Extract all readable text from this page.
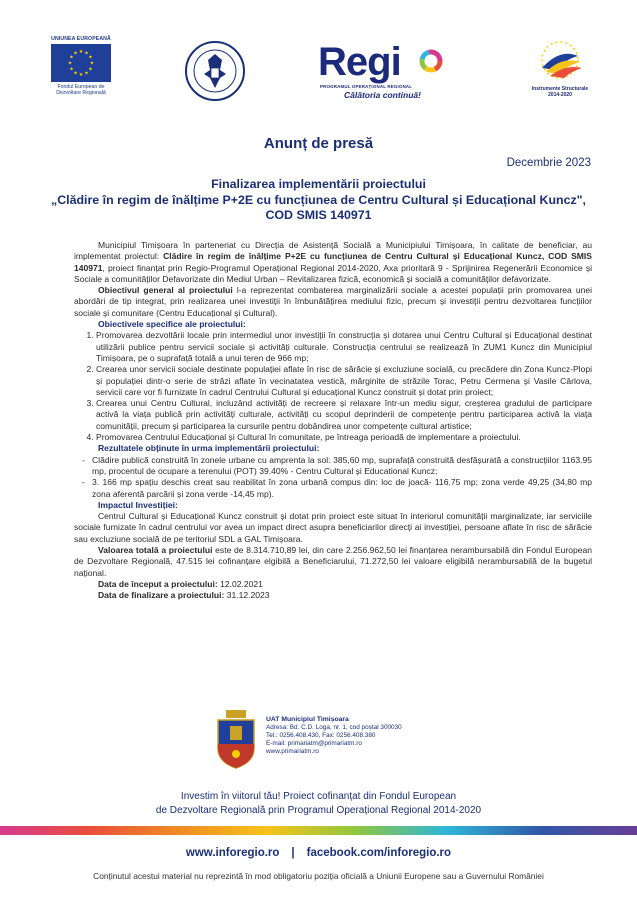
UNIUNEA EUROPEANĂ
★ ★
★
★
★
★
★
★
★
★
★
★
Fondul European de
Dezvoltare Regională
Regi
PROGRAMUL OPERAȚIONAL REGIONAL
Călătoria continuă!
Instrumente Structurale
2014-2020
Anunț de presă
Decembrie 2023
Finalizarea implementării proiectului
„Clădire în regim de înălțime P+2E cu funcțiunea de Centru Cultural și Educațional Kuncz",
COD SMIS 140971

Municipiul Timișoara în parteneriat cu Direcția de Asistență Socială a Municipiului Timișoara, în calitate de beneficiar, au implementat proiectul: Clădire în regim de înălțime P+2E cu funcțiunea de Centru Cultural și Educațional Kuncz, COD SMIS 140971, proiect finanțat prin Regio-Programul Operațional Regional 2014-2020, Axa prioritară 9 - Sprijinirea Regenerării Economice și Sociale a comunităților Defavorizate din Mediul Urban – Revitalizarea fizică, economică și socială a comunităților defavorizate.

Obiectivul general al proiectului l-a reprezentat combaterea marginalizării sociale a acestei populații prin promovarea unei abordări de tip integrat, prin realizarea unei investiții în îmbunătățirea mediului fizic, precum și investiții pentru dezvoltarea funcțiilor sociale și comunitare (Centru Educațional și Cultural).

Obiectivele specifice ale proiectului:

1. Promovarea dezvoltării locale prin intermediul unor investiții în construcția și dotarea unui Centru Cultural și Educațional destinat utilizării publice pentru servicii sociale și activități culturale. Construcția centrului se realizează în ZUM1 Kuncz din Municipiul Timișoara, pe o suprafață totală a unui teren de 966 mp;
2. Crearea unor servicii sociale destinate populației aflate în risc de sărăcie și excluziune socială, cu precădere din Zona Kuncz-Plopi și populației dintr-o serie de străzi aflate în vecinatatea vestică, mărginite de străzile Torac, Petru Cermena și Vasile Cârlova, servicii care vor fi furnizate în cadrul Centrului Cultural și educațional Kuncz construit și dotat prin proiect;
3. Crearea unui Centru Cultural, incluzând activități de recreere și relaxare într-un mediu sigur, creșterea gradului de participare activă la viața publică prin activități culturale, activități cu scopul deprinderii de competențe pentru participarea activă la viața comunității, precum și participarea la cursurile pentru dobândirea unor competențe cultural artistice;
4. Promovarea Centrului Educațional și Cultural în comunitate, pe întreaga perioadă de implementare a proiectului.

Rezultatele obținute în urma implementării proiectului:

- Clădire publică construită în zonele urbane cu amprenta la sol: 385,60 mp, suprafață construită desfășurată a construcțiilor 1163.95 mp, procentul de ocupare a terenului (POT) 39.40% - Centru Cultural și Educational Kuncz;
- 3. 166 mp spațiu deschis creat sau reabilitat în zona urbană compus din: loc de joacă- 116,75 mp; zona verde 49,25 (34,80 mp zona aferentă parcării și zona verde -14,45 mp).

Impactul Investiției:

Centrul Cultural și Educațional Kuncz construit și dotat prin proiect este situat în interiorul comunității marginalizate, iar serviciile sociale furnizate în cadrul centrului vor avea un impact direct asupra beneficiarilor direcți ai investiției, persoane aflate în risc de sărăcie sau excluziune socială de pe teritoriul SDL a GAL Timișoara.

Valoarea totală a proiectului este de 8.314.710,89 lei, din care 2.256.962,50 lei finanțarea nerambursabilă din Fondul European de Dezvoltare Regională, 47.515 lei cofinanțare elgibilă a Beneficiarului, 71.272,50 lei valoare eligibilă nerambursabilă de la bugetul național.

Data de început a proiectului: 12.02.2021

Data de finalizare a proiectului: 31.12.2023

UAT Municipiul Timișoara
Adresa: Bd. C.D. Loga, nr. 1, cod poștal 300030
Tel.: 0256.408.430, Fax: 0256.408.380
E-mail: primariatm@primariatm.ro
www.primariatm.ro
Investim în viitorul tău! Proiect cofinanțat din Fondul European
de Dezvoltare Regională prin Programul Operațional Regional 2014-2020
www.inforegio.ro | facebook.com/inforegio.ro
Conținutul acestui material nu reprezintă în mod obligatoriu poziția oficială a Uniunii Europene sau a Guvernului României
